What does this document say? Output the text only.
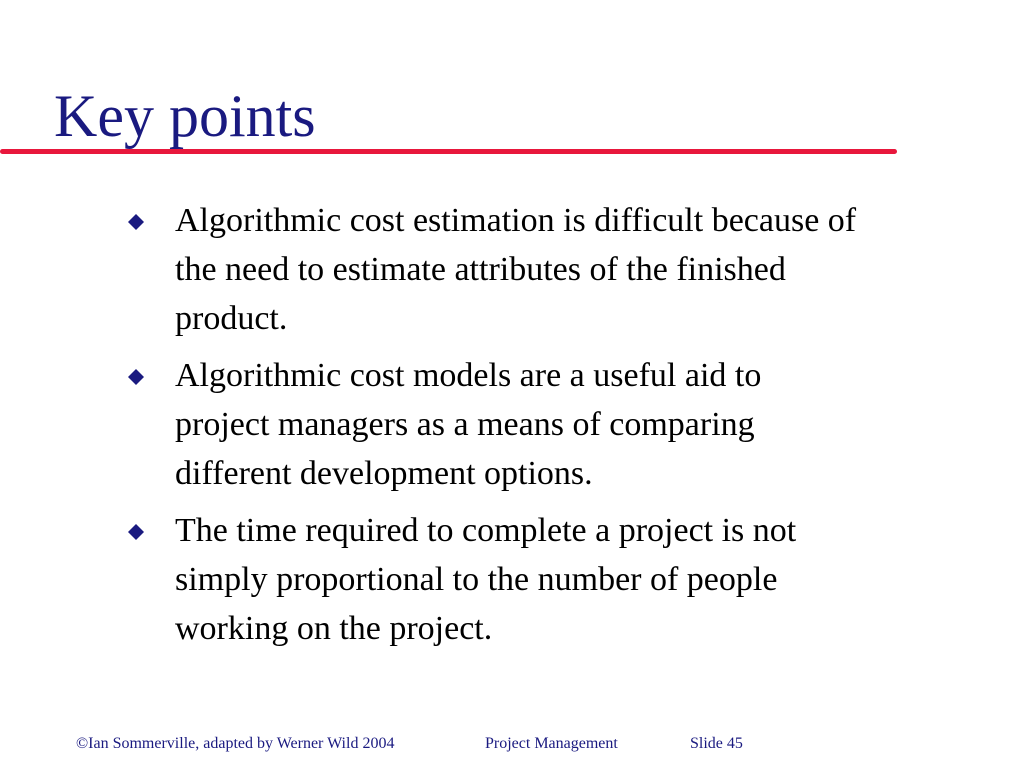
Key points
Algorithmic cost estimation is difficult because of
the need to estimate attributes of the finished
product.
Algorithmic cost models are a useful aid to
project managers as a means of comparing
different development options.
The time required to complete a project is not
simply proportional to the number of people
working on the project.
©Ian Sommerville, adapted by Werner Wild 2004	Project Management	Slide 45
